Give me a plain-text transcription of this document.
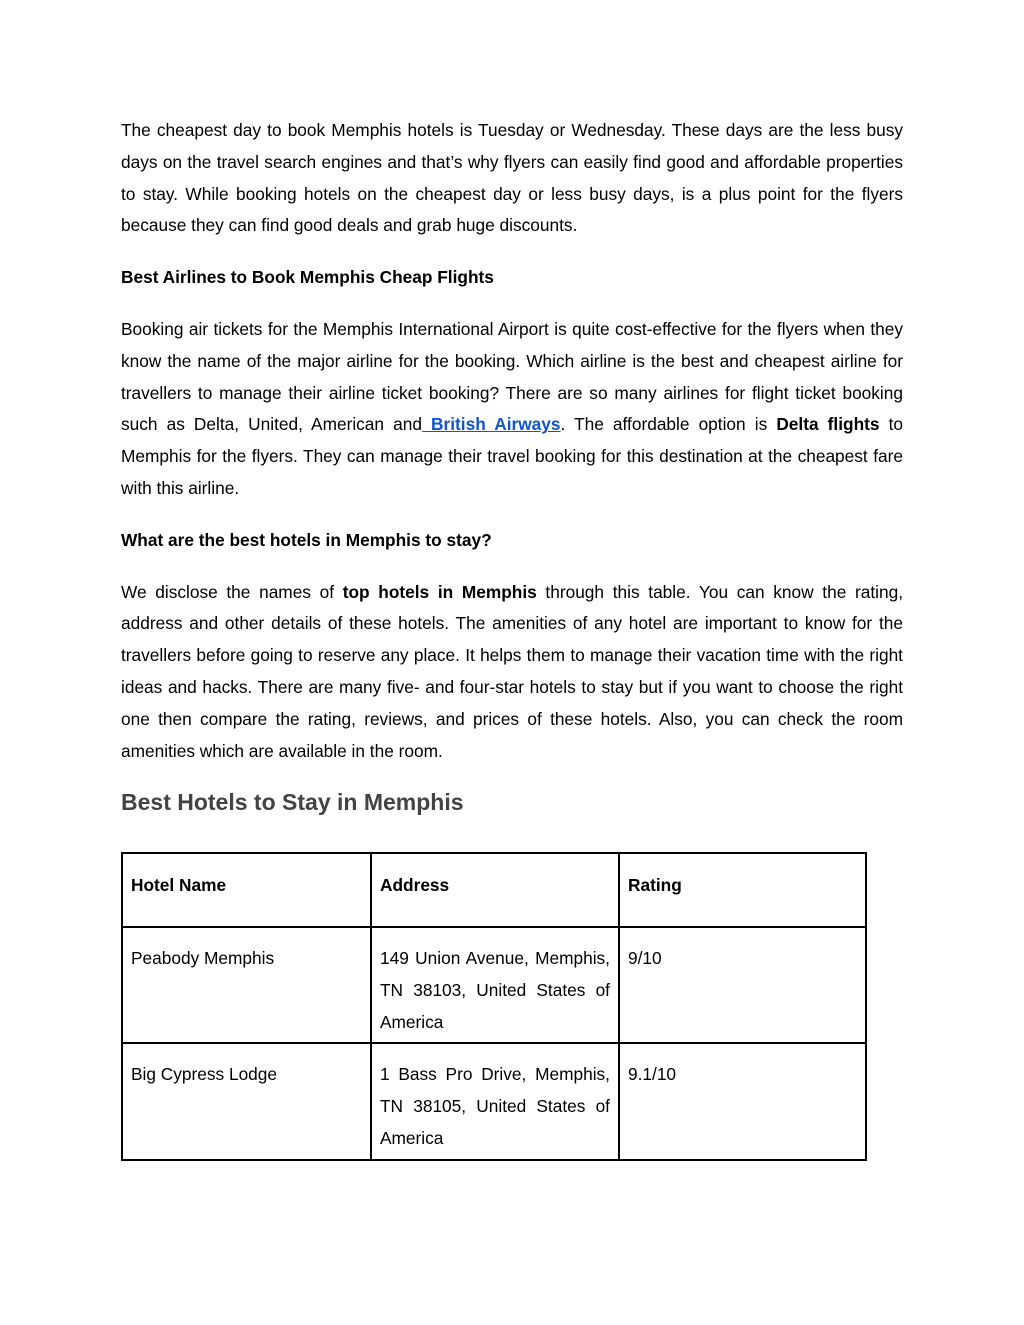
The cheapest day to book Memphis hotels is Tuesday or Wednesday. These days are the less busy days on the travel search engines and that’s why flyers can easily find good and affordable properties to stay. While booking hotels on the cheapest day or less busy days, is a plus point for the flyers because they can find good deals and grab huge discounts.

Best Airlines to Book Memphis Cheap Flights

Booking air tickets for the Memphis International Airport is quite cost-effective for the flyers when they know the name of the major airline for the booking. Which airline is the best and cheapest airline for travellers to manage their airline ticket booking? There are so many airlines for flight ticket booking such as Delta, United, American and British Airways. The affordable option is Delta flights to Memphis for the flyers. They can manage their travel booking for this destination at the cheapest fare with this airline.

What are the best hotels in Memphis to stay?

We disclose the names of top hotels in Memphis through this table. You can know the rating, address and other details of these hotels. The amenities of any hotel are important to know for the travellers before going to reserve any place. It helps them to manage their vacation time with the right ideas and hacks. There are many five- and four-star hotels to stay but if you want to choose the right one then compare the rating, reviews, and prices of these hotels. Also, you can check the room amenities which are available in the room.

Best Hotels to Stay in Memphis
Hotel Name	Address	Rating
Peabody Memphis	149 Union Avenue, Memphis, TN 38103, United States of America	9/10
Big Cypress Lodge	1 Bass Pro Drive, Memphis, TN 38105, United States of America	9.1/10
